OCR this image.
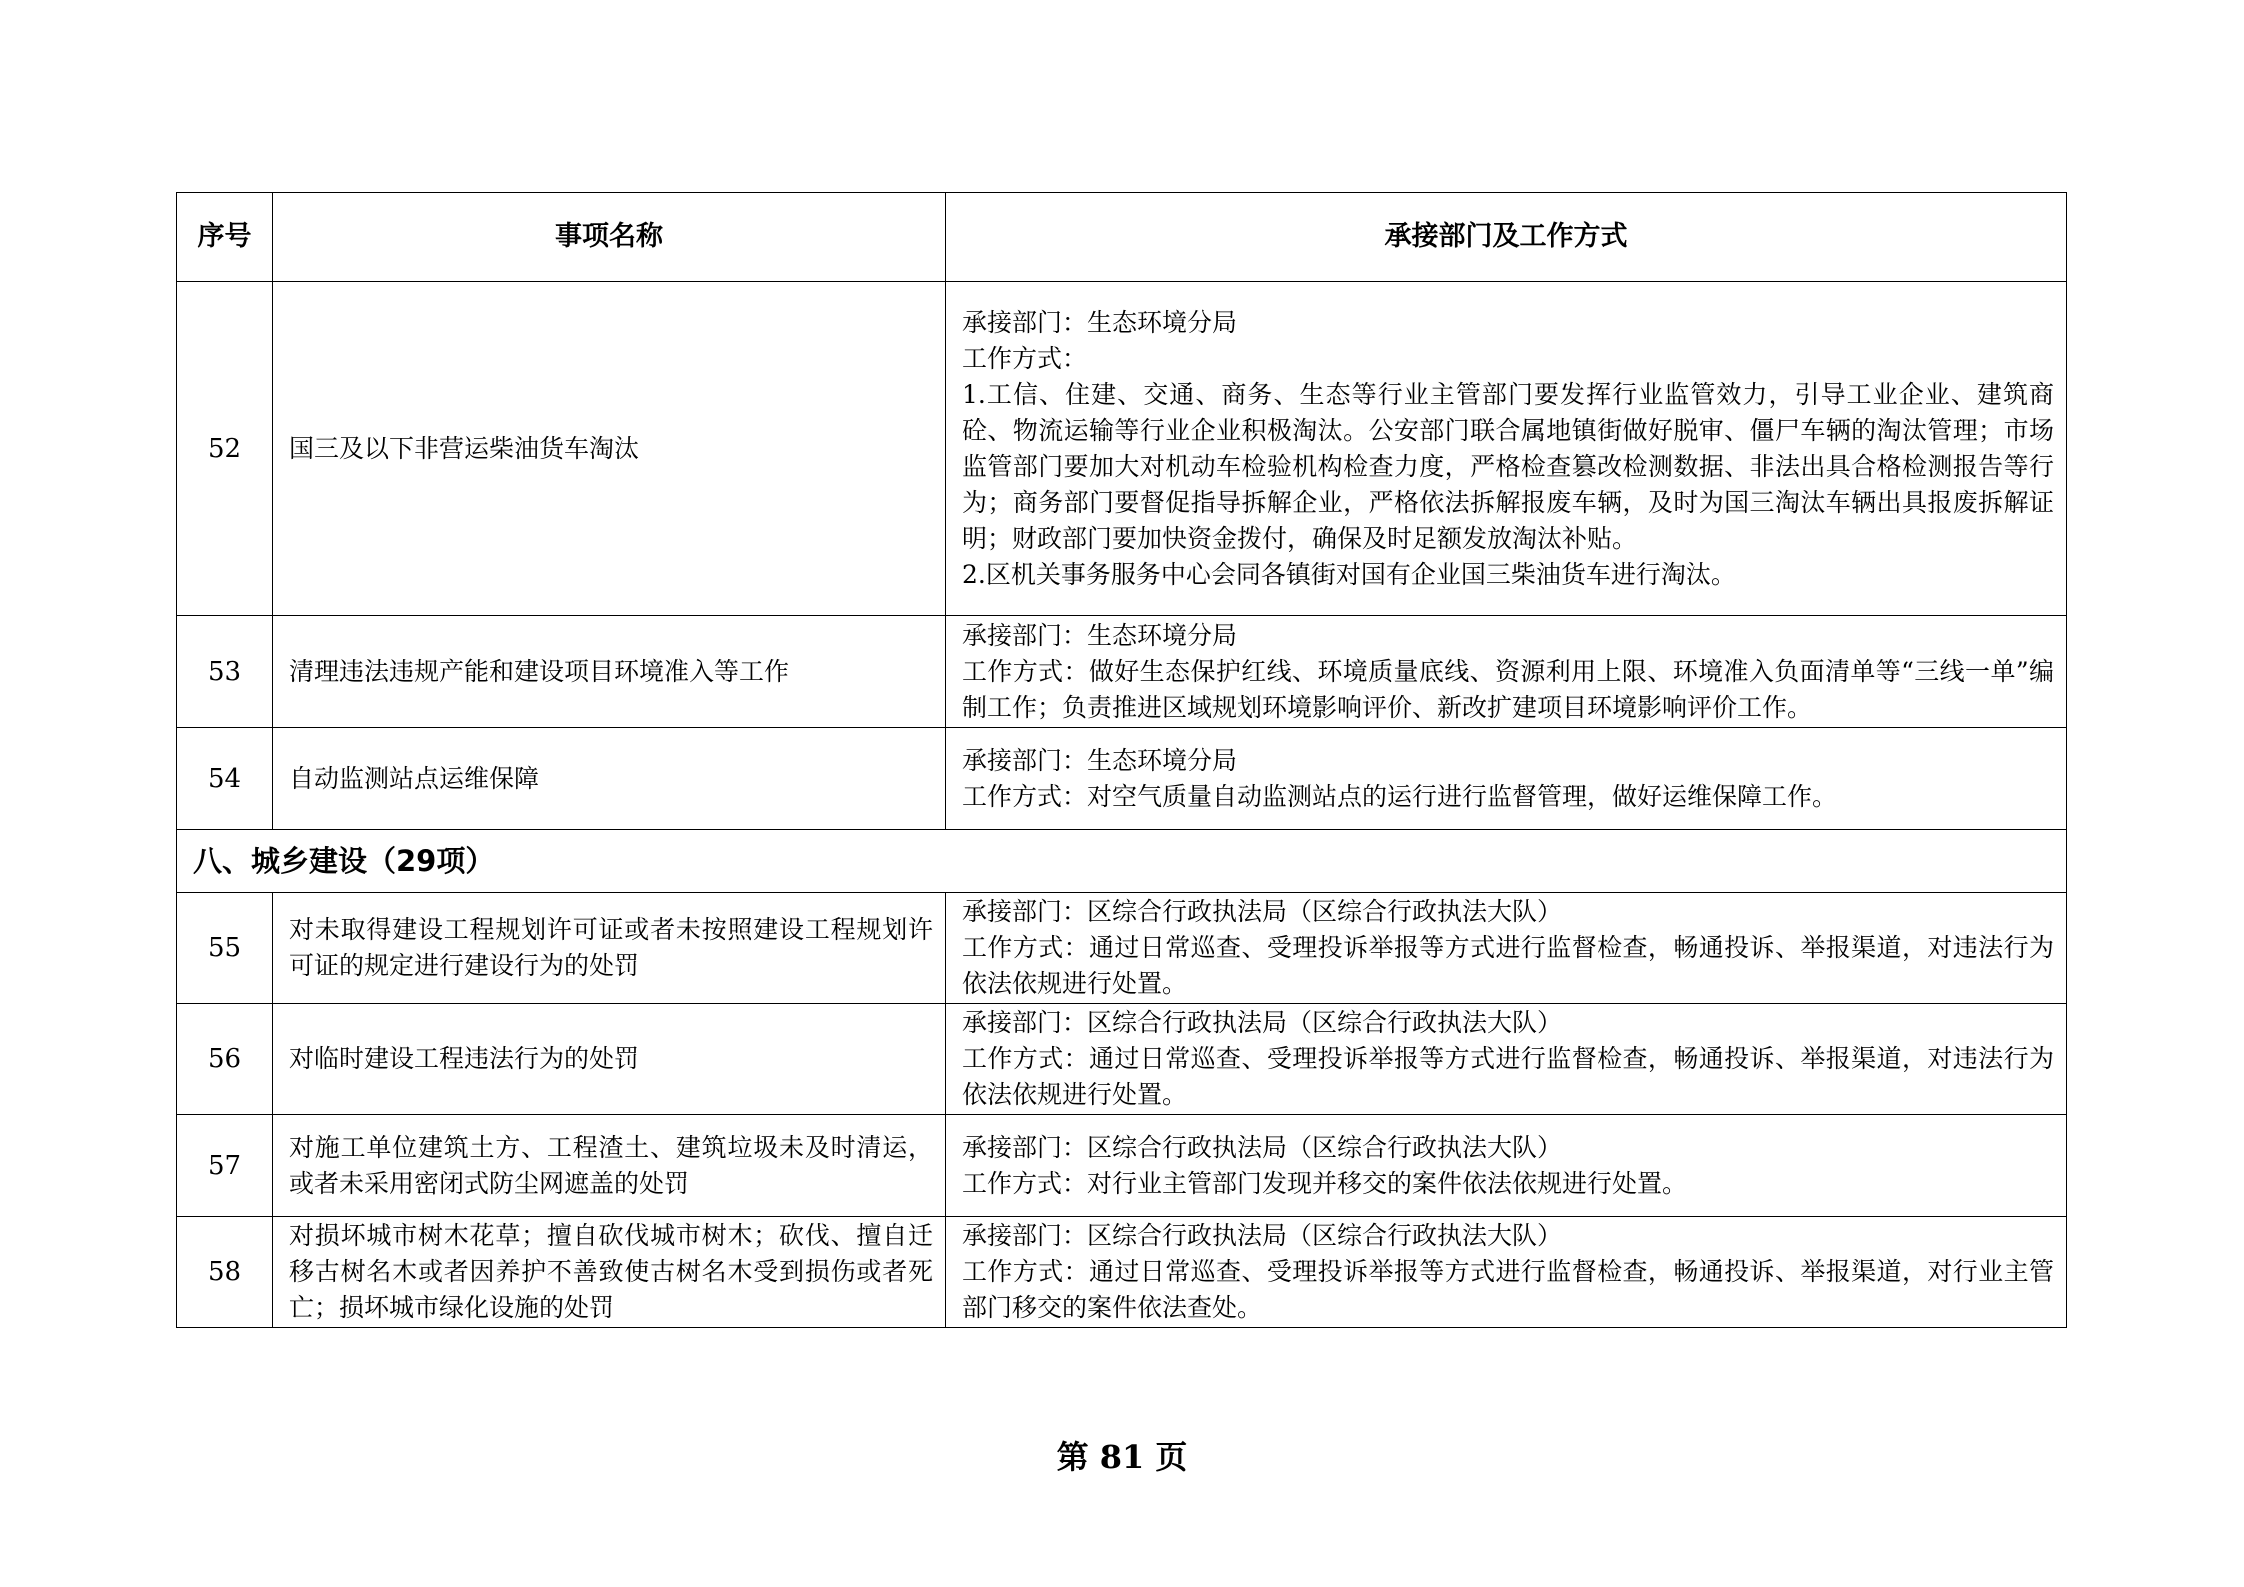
序号	事项名称	承接部门及工作方式
52	国三及以下非营运柴油货车淘汰	承接部门：生态环境分局
工作方式：
1.工信、住建、交通、商务、生态等行业主管部门要发挥行业监管效力，引导工业企业、建筑商砼、物流运输等行业企业积极淘汰。公安部门联合属地镇街做好脱审、僵尸车辆的淘汰管理；市场监管部门要加大对机动车检验机构检查力度，严格检查篡改检测数据、非法出具合格检测报告等行为；商务部门要督促指导拆解企业，严格依法拆解报废车辆，及时为国三淘汰车辆出具报废拆解证明；财政部门要加快资金拨付，确保及时足额发放淘汰补贴。
2.区机关事务服务中心会同各镇街对国有企业国三柴油货车进行淘汰。

53	清理违法违规产能和建设项目环境准入等工作	承接部门：生态环境分局
工作方式：做好生态保护红线、环境质量底线、资源利用上限、环境准入负面清单等“三线一单”编制工作；负责推进区域规划环境影响评价、新改扩建项目环境影响评价工作。

54	自动监测站点运维保障	承接部门：生态环境分局
工作方式：对空气质量自动监测站点的运行进行监督管理，做好运维保障工作。

八、城乡建设（29项）		
55	对未取得建设工程规划许可证或者未按照建设工程规划许可证的规定进行建设行为的处罚	承接部门：区综合行政执法局（区综合行政执法大队）
工作方式：通过日常巡查、受理投诉举报等方式进行监督检查，畅通投诉、举报渠道，对违法行为依法依规进行处置。

56	对临时建设工程违法行为的处罚	承接部门：区综合行政执法局（区综合行政执法大队）
工作方式：通过日常巡查、受理投诉举报等方式进行监督检查，畅通投诉、举报渠道，对违法行为依法依规进行处置。

57	对施工单位建筑土方、工程渣土、建筑垃圾未及时清运，或者未采用密闭式防尘网遮盖的处罚	承接部门：区综合行政执法局（区综合行政执法大队）
工作方式：对行业主管部门发现并移交的案件依法依规进行处置。

58	对损坏城市树木花草；擅自砍伐城市树木；砍伐、擅自迁移古树名木或者因养护不善致使古树名木受到损伤或者死亡；损坏城市绿化设施的处罚	承接部门：区综合行政执法局（区综合行政执法大队）
工作方式：通过日常巡查、受理投诉举报等方式进行监督检查，畅通投诉、举报渠道，对行业主管部门移交的案件依法查处。
第 81 页
